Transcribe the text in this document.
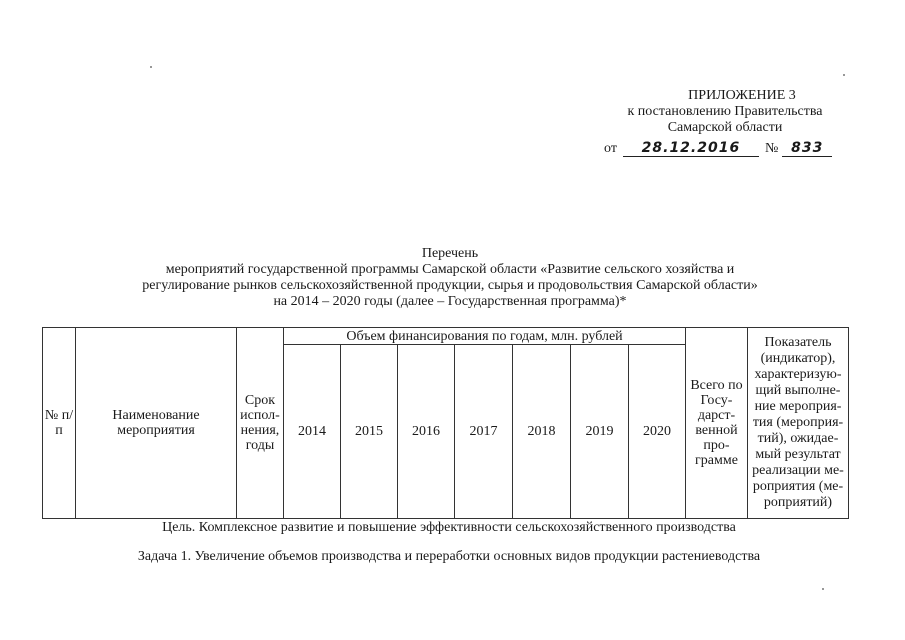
ПРИЛОЖЕНИЕ 3
к постановлению Правительства
Самарской области
от	28.12.2016	№ 833
Перечень
мероприятий государственной программы Самарской области «Развитие сельского хозяйства и
регулирование рынков сельскохозяйственной продукции, сырья и продовольствия Самарской области»
на 2014 – 2020 годы (далее – Государственная программа)*
№ п/п	Наименование мероприятия	Срок испол-нения, годы	Объем финансирования по годам, млн. рублей							Всего по Госу-дарст-венной про-грамме	Показатель (индикатор), характеризую-щий выполне-ние мероприя-тия (мероприя-тий), ожидае-мый результат реализации ме-роприятия (ме-роприятий)
			2014	2015	2016	2017	2018	2019	2020		
Цель. Комплексное развитие и повышение эффективности сельскохозяйственного производства
Задача 1. Увеличение объемов производства и переработки основных видов продукции растениеводства
